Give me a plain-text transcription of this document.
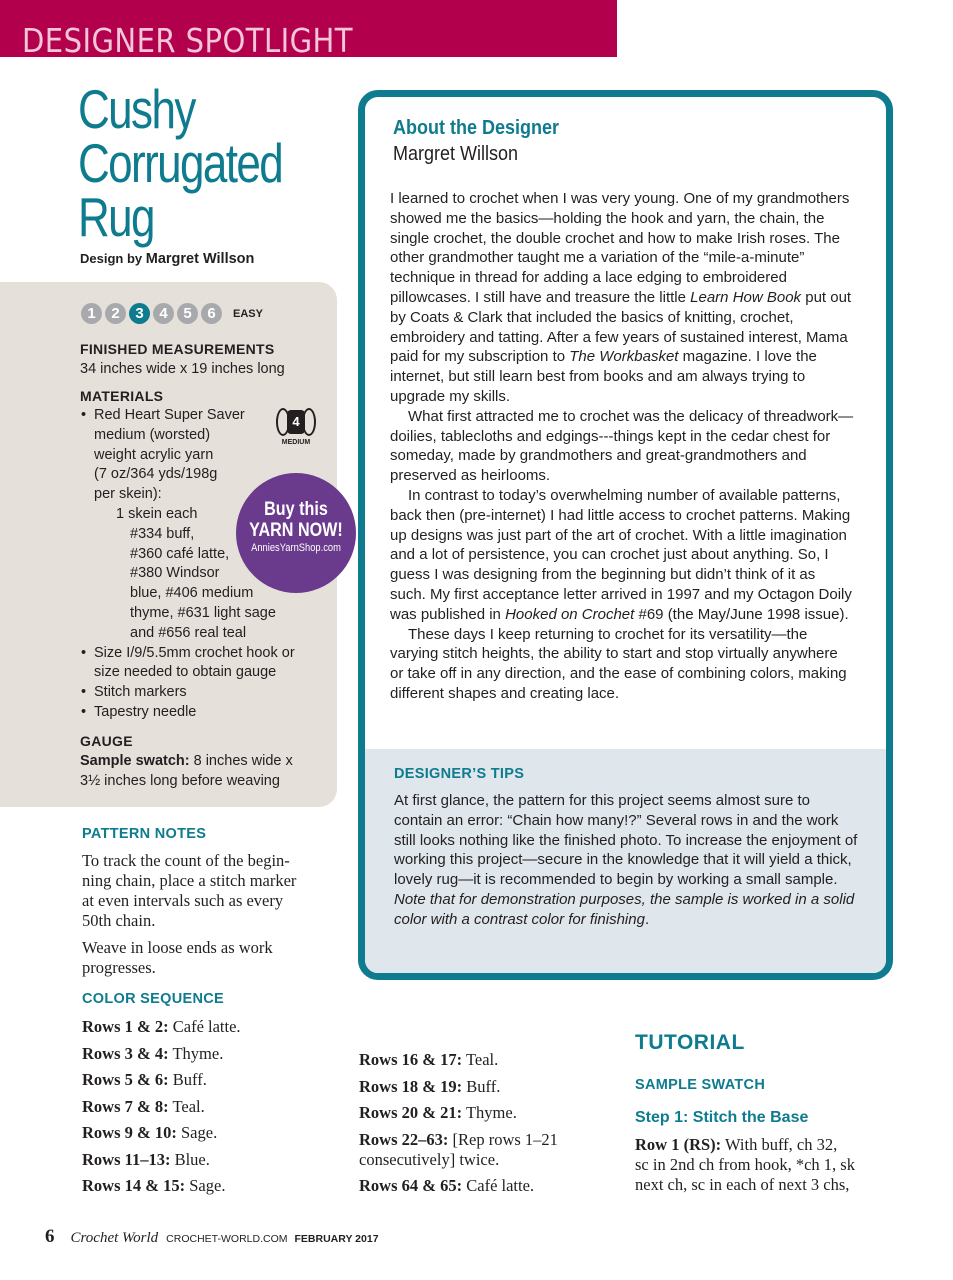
DESIGNER SPOTLIGHT
Cushy
Corrugated
Rug
Design by Margret Willson
1	2	3	4	5	6	EASY
FINISHED MEASUREMENTS
34 inches wide x 19 inches long
MATERIALS
• Red Heart Super Saver
medium (worsted)
weight acrylic yarn
(7 oz/364 yds/198g
per skein):
1 skein each
#334 buff,
#360 café latte,
#380 Windsor
blue, #406 medium
thyme, #631 light sage
and #656 real teal
• Size I/9/5.5mm crochet hook or
size needed to obtain gauge
• Stitch markers
• Tapestry needle
GAUGE
Sample swatch: 8 inches wide x
3½ inches long before weaving
4
MEDIUM
Buy this
YARN NOW!
AnniesYarnShop.com
PATTERN NOTES
To track the count of the begin-
ning chain, place a stitch marker
at even intervals such as every
50th chain.
Weave in loose ends as work
progresses.
COLOR SEQUENCE
Rows 1 & 2: Café latte.
Rows 3 & 4: Thyme.
Rows 5 & 6: Buff.
Rows 7 & 8: Teal.
Rows 9 & 10: Sage.
Rows 11–13: Blue.
Rows 14 & 15: Sage.
Rows 16 & 17: Teal.
Rows 18 & 19: Buff.
Rows 20 & 21: Thyme.
Rows 22–63: [Rep rows 1–21
consecutively] twice.
Rows 64 & 65: Café latte.
About the Designer
Margret Willson

I learned to crochet when I was very young. One of my grandmothers showed me the basics—holding the hook and yarn, the chain, the single crochet, the double crochet and how to make Irish roses. The other grandmother taught me a variation of the “mile-a-minute” technique in thread for adding a lace edging to embroidered pillowcases. I still have and treasure the little Learn How Book put out by Coats & Clark that included the basics of knitting, crochet, embroidery and tatting. After a few years of sustained interest, Mama paid for my subscription to The Workbasket magazine. I love the internet, but still learn best from books and am always trying to upgrade my skills.

What first attracted me to crochet was the delicacy of threadwork—doilies, tablecloths and edgings---things kept in the cedar chest for someday, made by grandmothers and great-grandmothers and preserved as heirlooms.

In contrast to today’s overwhelming number of available patterns, back then (pre-internet) I had little access to crochet patterns. Making up designs was just part of the art of crochet. With a little imagination and a lot of persistence, you can crochet just about anything. So, I guess I was designing from the beginning but didn’t think of it as such. My first acceptance letter arrived in 1997 and my Octagon Doily was published in Hooked on Crochet #69 (the May/June 1998 issue).

These days I keep returning to crochet for its versatility—the varying stitch heights, the ability to start and stop virtually anywhere or take off in any direction, and the ease of combining colors, making different shapes and creating lace.

DESIGNER’S TIPS
At first glance, the pattern for this project seems almost sure to contain an error: “Chain how many!?” Several rows in and the work still looks nothing like the finished photo. To increase the enjoyment of working this project—secure in the knowledge that it will yield a thick, lovely rug—it is recommended to begin by working a small sample. Note that for demonstration purposes, the sample is worked in a solid color with a contrast color for finishing.
TUTORIAL
SAMPLE SWATCH
Step 1: Stitch the Base
Row 1 (RS): With buff, ch 32,
sc in 2nd ch from hook, *ch 1, sk
next ch, sc in each of next 3 chs,
6 Crochet World CROCHET-WORLD.COM FEBRUARY 2017
